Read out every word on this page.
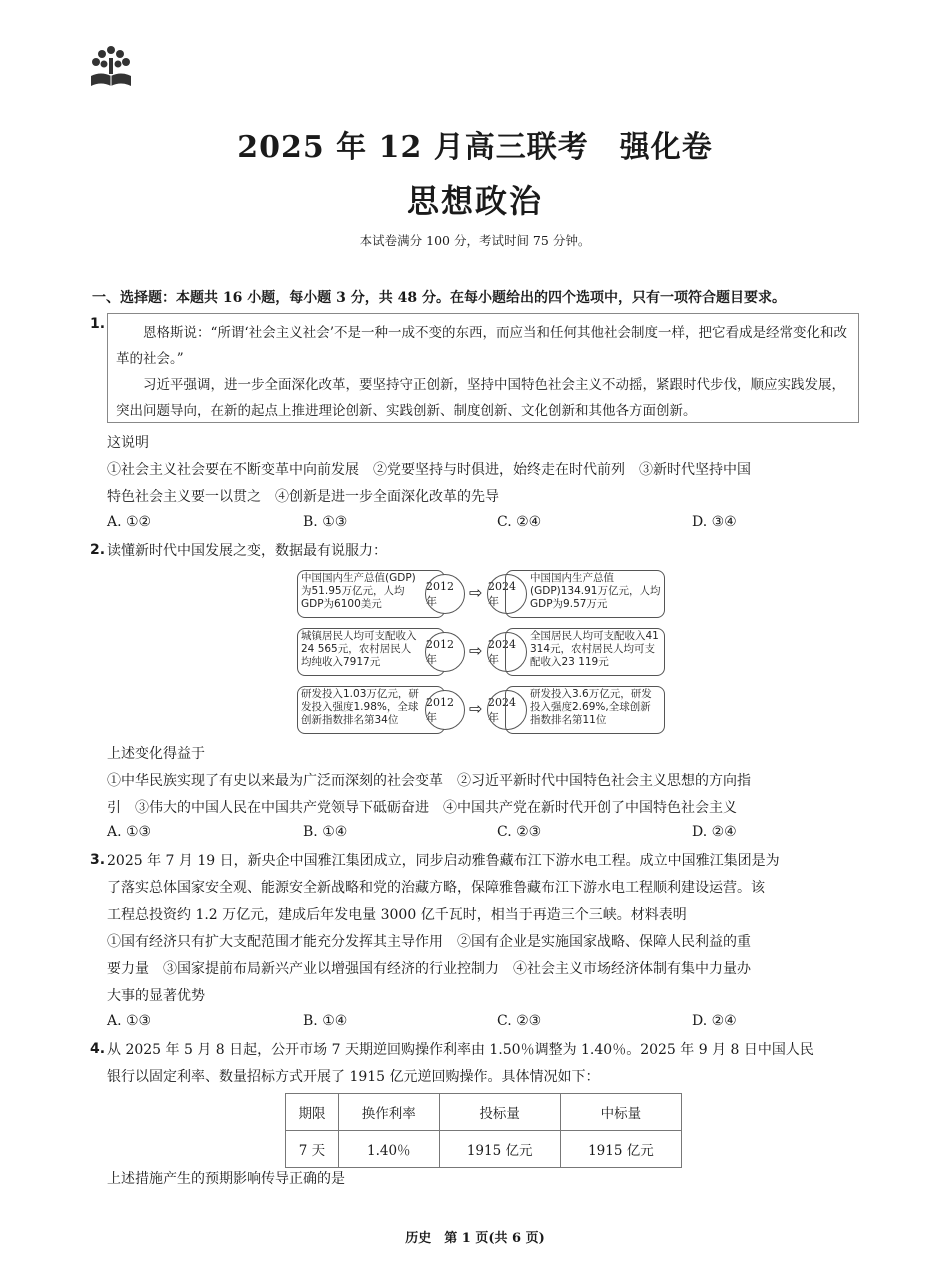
2025 年 12 月高三联考　强化卷
思想政治
本试卷满分 100 分，考试时间 75 分钟。
一、选择题：本题共 16 小题，每小题 3 分，共 48 分。在每小题给出的四个选项中，只有一项符合题目要求。
1.

恩格斯说：“所谓‘社会主义社会’不是一种一成不变的东西，而应当和任何其他社会制度一样，把它看成是经常变化和改革的社会。”

习近平强调，进一步全面深化改革，要坚持守正创新，坚持中国特色社会主义不动摇，紧跟时代步伐，顺应实践发展，突出问题导向，在新的起点上推进理论创新、实践创新、制度创新、文化创新和其他各方面创新。

这说明
①社会主义社会要在不断变革中向前发展　②党要坚持与时俱进，始终走在时代前列　③新时代坚持中国
特色社会主义要一以贯之　④创新是进一步全面深化改革的先导
A. ①②	B. ①③	C. ②④	D. ③④
2. 读懂新时代中国发展之变，数据最有说服力：
中国国内生产总值(GDP)为51.95万亿元，人均GDP为6100美元
2012年	⇨ 2024年
中国国内生产总值(GDP)134.91万亿元，人均GDP为9.57万元
城镇居民人均可支配收入24 565元，农村居民人均纯收入7917元
2012年	⇨ 2024年
全国居民人均可支配收入41 314元，农村居民人均可支配收入23 119元
研发投入1.03万亿元，研发投入强度1.98%，全球创新指数排名第34位
2012年	⇨ 2024年
研发投入3.6万亿元，研发投入强度2.69%,全球创新指数排名第11位
上述变化得益于
①中华民族实现了有史以来最为广泛而深刻的社会变革　②习近平新时代中国特色社会主义思想的方向指
引　③伟大的中国人民在中国共产党领导下砥砺奋进　④中国共产党在新时代开创了中国特色社会主义
A. ①③	B. ①④	C. ②③	D. ②④
3. 2025 年 7 月 19 日，新央企中国雅江集团成立，同步启动雅鲁藏布江下游水电工程。成立中国雅江集团是为
了落实总体国家安全观、能源安全新战略和党的治藏方略，保障雅鲁藏布江下游水电工程顺利建设运营。该
工程总投资约 1.2 万亿元，建成后年发电量 3000 亿千瓦时，相当于再造三个三峡。材料表明
①国有经济只有扩大支配范围才能充分发挥其主导作用　②国有企业是实施国家战略、保障人民利益的重
要力量　③国家提前布局新兴产业以增强国有经济的行业控制力　④社会主义市场经济体制有集中力量办
大事的显著优势
A. ①③	B. ①④	C. ②③	D. ②④
4. 从 2025 年 5 月 8 日起，公开市场 7 天期逆回购操作利率由 1.50％调整为 1.40％。2025 年 9 月 8 日中国人民
银行以固定利率、数量招标方式开展了 1915 亿元逆回购操作。具体情况如下：
期限	换作利率	投标量	中标量
7 天	1.40％	1915 亿元	1915 亿元
上述措施产生的预期影响传导正确的是
历史　第 1 页(共 6 页)
